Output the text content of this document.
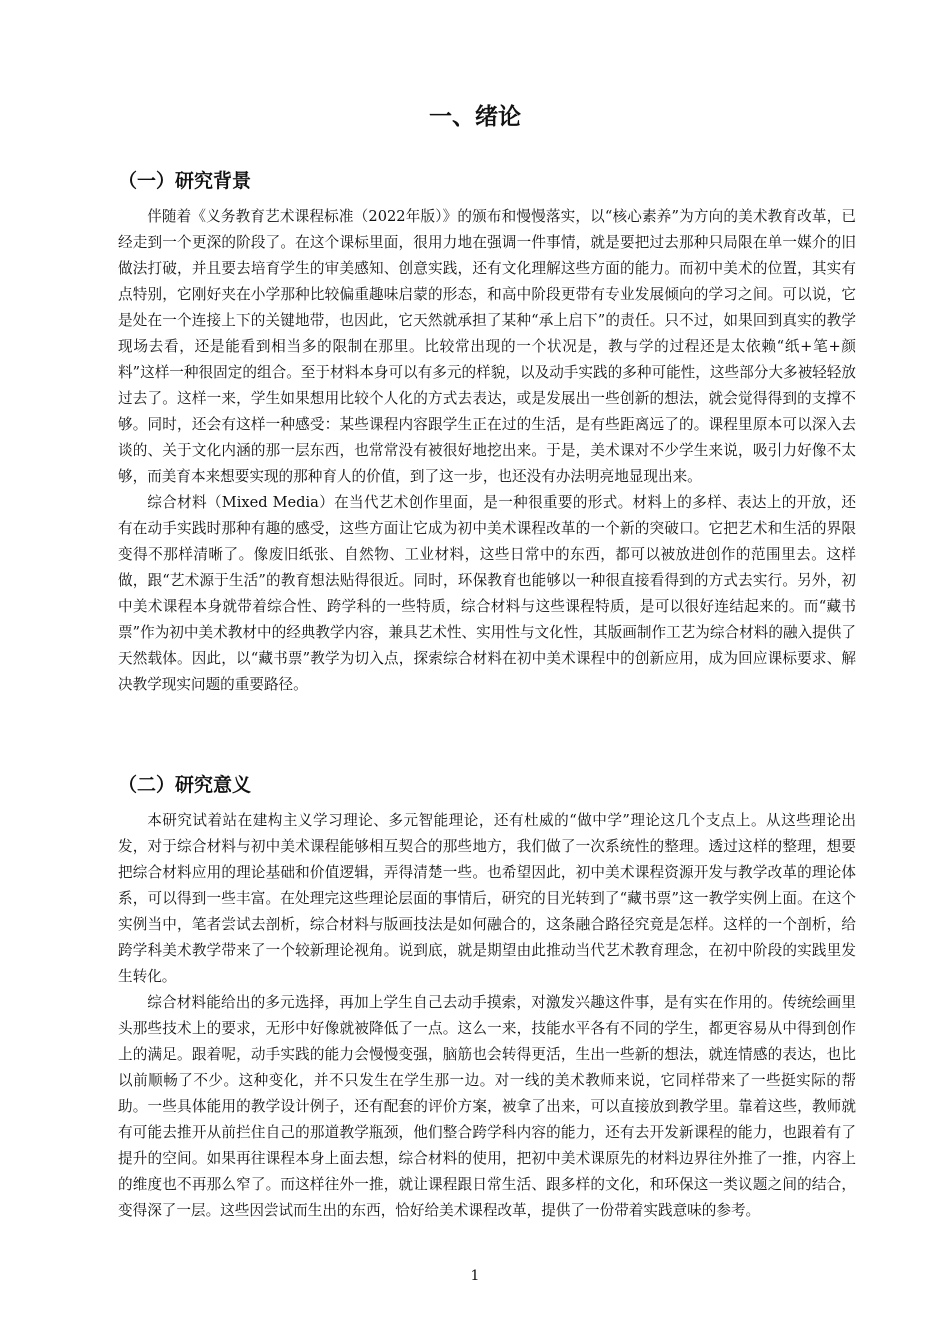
一、绪论
（一）研究背景

伴随着《义务教育艺术课程标准（2022年版）》的颁布和慢慢落实，以“核心素养”为方向的美术教育改革，已经走到一个更深的阶段了。在这个课标里面，很用力地在强调一件事情，就是要把过去那种只局限在单一媒介的旧做法打破，并且要去培育学生的审美感知、创意实践，还有文化理解这些方面的能力。而初中美术的位置，其实有点特别，它刚好夹在小学那种比较偏重趣味启蒙的形态，和高中阶段更带有专业发展倾向的学习之间。可以说，它是处在一个连接上下的关键地带，也因此，它天然就承担了某种“承上启下”的责任。只不过，如果回到真实的教学现场去看，还是能看到相当多的限制在那里。比较常出现的一个状况是，教与学的过程还是太依赖“纸+笔+颜料”这样一种很固定的组合。至于材料本身可以有多元的样貌，以及动手实践的多种可能性，这些部分大多被轻轻放过去了。这样一来，学生如果想用比较个人化的方式去表达，或是发展出一些创新的想法，就会觉得得到的支撑不够。同时，还会有这样一种感受：某些课程内容跟学生正在过的生活，是有些距离远了的。课程里原本可以深入去谈的、关于文化内涵的那一层东西，也常常没有被很好地挖出来。于是，美术课对不少学生来说，吸引力好像不太够，而美育本来想要实现的那种育人的价值，到了这一步，也还没有办法明亮地显现出来。

综合材料（Mixed Media）在当代艺术创作里面，是一种很重要的形式。材料上的多样、表达上的开放，还有在动手实践时那种有趣的感受，这些方面让它成为初中美术课程改革的一个新的突破口。它把艺术和生活的界限变得不那样清晰了。像废旧纸张、自然物、工业材料，这些日常中的东西，都可以被放进创作的范围里去。这样做，跟“艺术源于生活”的教育想法贴得很近。同时，环保教育也能够以一种很直接看得到的方式去实行。另外，初中美术课程本身就带着综合性、跨学科的一些特质，综合材料与这些课程特质，是可以很好连结起来的。而“藏书票”作为初中美术教材中的经典教学内容，兼具艺术性、实用性与文化性，其版画制作工艺为综合材料的融入提供了天然载体。因此，以“藏书票”教学为切入点，探索综合材料在初中美术课程中的创新应用，成为回应课标要求、解决教学现实问题的重要路径。

（二）研究意义

本研究试着站在建构主义学习理论、多元智能理论，还有杜威的“做中学”理论这几个支点上。从这些理论出发，对于综合材料与初中美术课程能够相互契合的那些地方，我们做了一次系统性的整理。透过这样的整理，想要把综合材料应用的理论基础和价值逻辑，弄得清楚一些。也希望因此，初中美术课程资源开发与教学改革的理论体系，可以得到一些丰富。在处理完这些理论层面的事情后，研究的目光转到了“藏书票”这一教学实例上面。在这个实例当中，笔者尝试去剖析，综合材料与版画技法是如何融合的，这条融合路径究竟是怎样。这样的一个剖析，给跨学科美术教学带来了一个较新理论视角。说到底，就是期望由此推动当代艺术教育理念，在初中阶段的实践里发生转化。

综合材料能给出的多元选择，再加上学生自己去动手摸索，对激发兴趣这件事，是有实在作用的。传统绘画里头那些技术上的要求，无形中好像就被降低了一点。这么一来，技能水平各有不同的学生，都更容易从中得到创作上的满足。跟着呢，动手实践的能力会慢慢变强，脑筋也会转得更活，生出一些新的想法，就连情感的表达，也比以前顺畅了不少。这种变化，并不只发生在学生那一边。对一线的美术教师来说，它同样带来了一些挺实际的帮助。一些具体能用的教学设计例子，还有配套的评价方案，被拿了出来，可以直接放到教学里。靠着这些，教师就有可能去推开从前拦住自己的那道教学瓶颈，他们整合跨学科内容的能力，还有去开发新课程的能力，也跟着有了提升的空间。如果再往课程本身上面去想，综合材料的使用，把初中美术课原先的材料边界往外推了一推，内容上的维度也不再那么窄了。而这样往外一推，就让课程跟日常生活、跟多样的文化，和环保这一类议题之间的结合，变得深了一层。这些因尝试而生出的东西，恰好给美术课程改革，提供了一份带着实践意味的参考。

1
